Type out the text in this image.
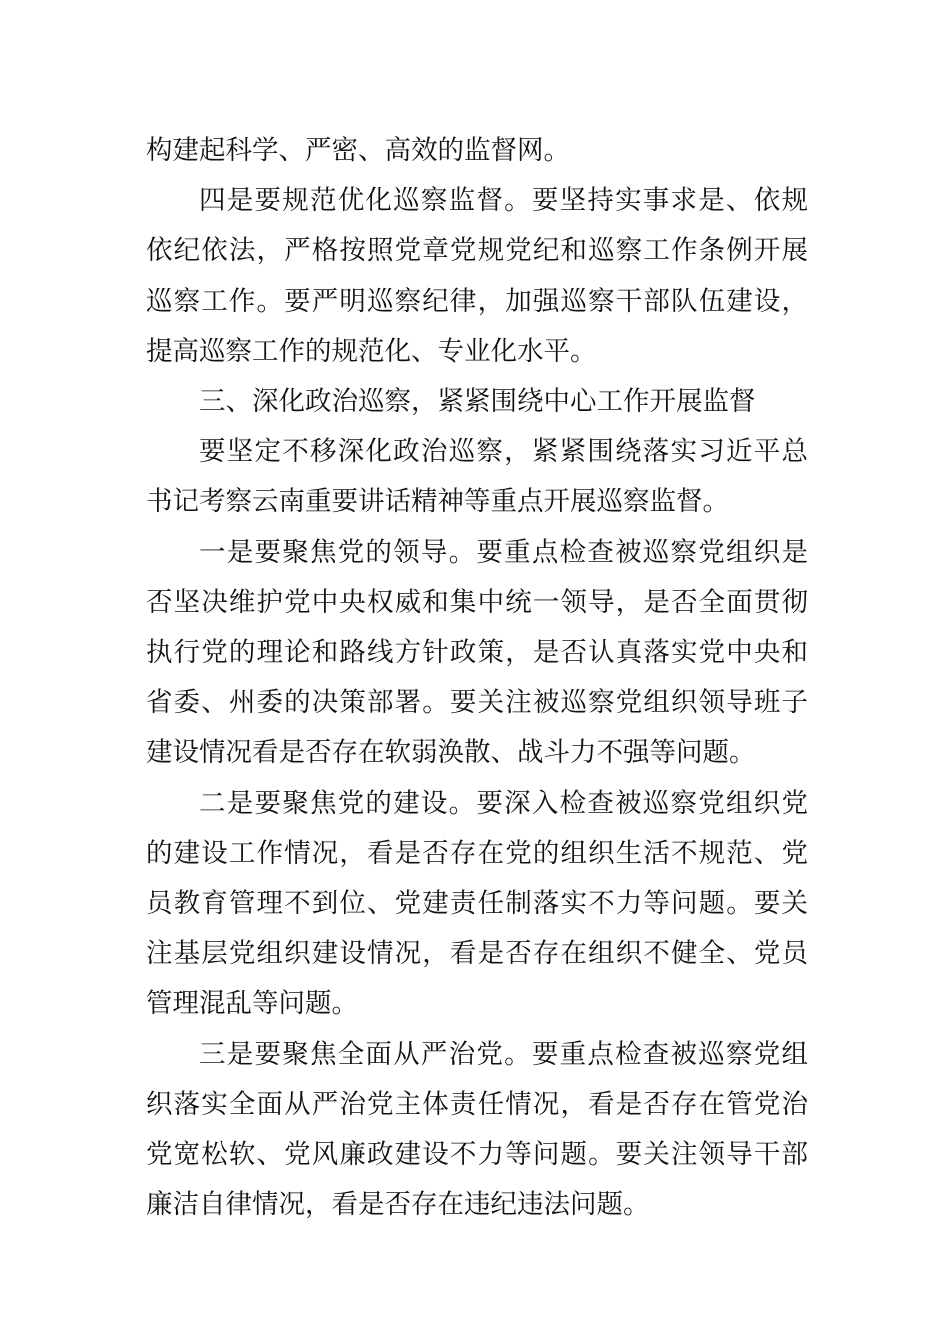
构建起科学、严密、高效的监督网。

四是要规范优化巡察监督。要坚持实事求是、依规依纪依法，严格按照党章党规党纪和巡察工作条例开展巡察工作。要严明巡察纪律，加强巡察干部队伍建设，提高巡察工作的规范化、专业化水平。

三、深化政治巡察，紧紧围绕中心工作开展监督

要坚定不移深化政治巡察，紧紧围绕落实习近平总书记考察云南重要讲话精神等重点开展巡察监督。

一是要聚焦党的领导。要重点检查被巡察党组织是否坚决维护党中央权威和集中统一领导，是否全面贯彻执行党的理论和路线方针政策，是否认真落实党中央和省委、州委的决策部署。要关注被巡察党组织领导班子建设情况看是否存在软弱涣散、战斗力不强等问题。

二是要聚焦党的建设。要深入检查被巡察党组织党的建设工作情况，看是否存在党的组织生活不规范、党员教育管理不到位、党建责任制落实不力等问题。要关注基层党组织建设情况，看是否存在组织不健全、党员管理混乱等问题。

三是要聚焦全面从严治党。要重点检查被巡察党组织落实全面从严治党主体责任情况，看是否存在管党治党宽松软、党风廉政建设不力等问题。要关注领导干部廉洁自律情况，看是否存在违纪违法问题。
